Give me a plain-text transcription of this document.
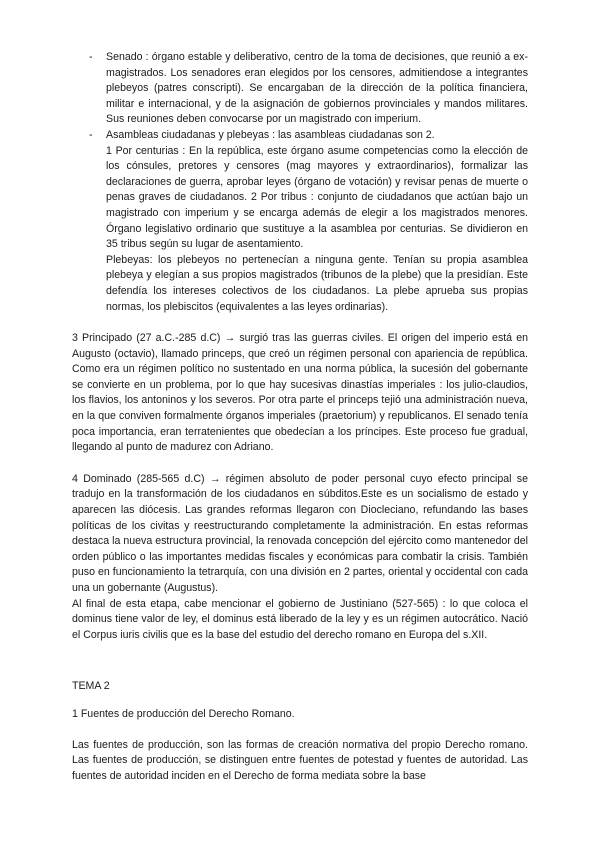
- Senado : órgano estable y deliberativo, centro de la toma de decisiones, que reunió a ex-magistrados. Los senadores eran elegidos por los censores, admitiendose a integrantes plebeyos (patres conscripti). Se encargaban de la dirección de la política financiera, militar e internacional, y de la asignación de gobiernos provinciales y mandos militares. Sus reuniones deben convocarse por un magistrado con imperium.

- Asambleas ciudadanas y plebeyas : las asambleas ciudadanas son 2.

1 Por centurias : En la república, este órgano asume competencias como la elección de los cónsules, pretores y censores (mag mayores y extraordinarios), formalizar las declaraciones de guerra, aprobar leyes (órgano de votación) y revisar penas de muerte o penas graves de ciudadanos. 2 Por tribus : conjunto de ciudadanos que actúan bajo un magistrado con imperium y se encarga además de elegir a los magistrados menores. Órgano legislativo ordinario que sustituye a la asamblea por centurias. Se dividieron en 35 tribus según su lugar de asentamiento.

Plebeyas: los plebeyos no pertenecían a ninguna gente. Tenían su propia asamblea plebeya y elegían a sus propios magistrados (tribunos de la plebe) que la presidían. Este defendía los intereses colectivos de los ciudadanos. La plebe aprueba sus propias normas, los plebiscitos (equivalentes a las leyes ordinarias).

3 Principado (27 a.C.-285 d.C) → surgió tras las guerras civiles. El origen del imperio está en Augusto (octavio), llamado princeps, que creó un régimen personal con apariencia de república. Como era un régimen político no sustentado en una norma pública, la sucesión del gobernante se convierte en un problema, por lo que hay sucesivas dinastías imperiales : los julio-claudios, los flavios, los antoninos y los severos. Por otra parte el princeps tejió una administración nueva, en la que conviven formalmente órganos imperiales (praetorium) y republicanos. El senado tenía poca importancia, eran terratenientes que obedecían a los príncipes. Este proceso fue gradual, llegando al punto de madurez con Adriano.

4 Dominado (285-565 d.C) → régimen absoluto de poder personal cuyo efecto principal se tradujo en la transformación de los ciudadanos en súbditos.Este es un socialismo de estado y aparecen las diócesis. Las grandes reformas llegaron con Diocleciano, refundando las bases políticas de los civitas y reestructurando completamente la administración. En estas reformas destaca la nueva estructura provincial, la renovada concepción del ejército como mantenedor del orden público o las importantes medidas fiscales y económicas para combatir la crisis. También puso en funcionamiento la tetrarquía, con una división en 2 partes, oriental y occidental con cada una un gobernante (Augustus).

Al final de esta etapa, cabe mencionar el gobierno de Justiniano (527-565) : lo que coloca el dominus tiene valor de ley, el dominus está liberado de la ley y es un régimen autocrático. Nació el Corpus iuris civilis que es la base del estudio del derecho romano en Europa del s.XII.

TEMA 2

1 Fuentes de producción del Derecho Romano.

Las fuentes de producción, son las formas de creación normativa del propio Derecho romano. Las fuentes de producción, se distinguen entre fuentes de potestad y fuentes de autoridad. Las fuentes de autoridad inciden en el Derecho de forma mediata sobre la base
